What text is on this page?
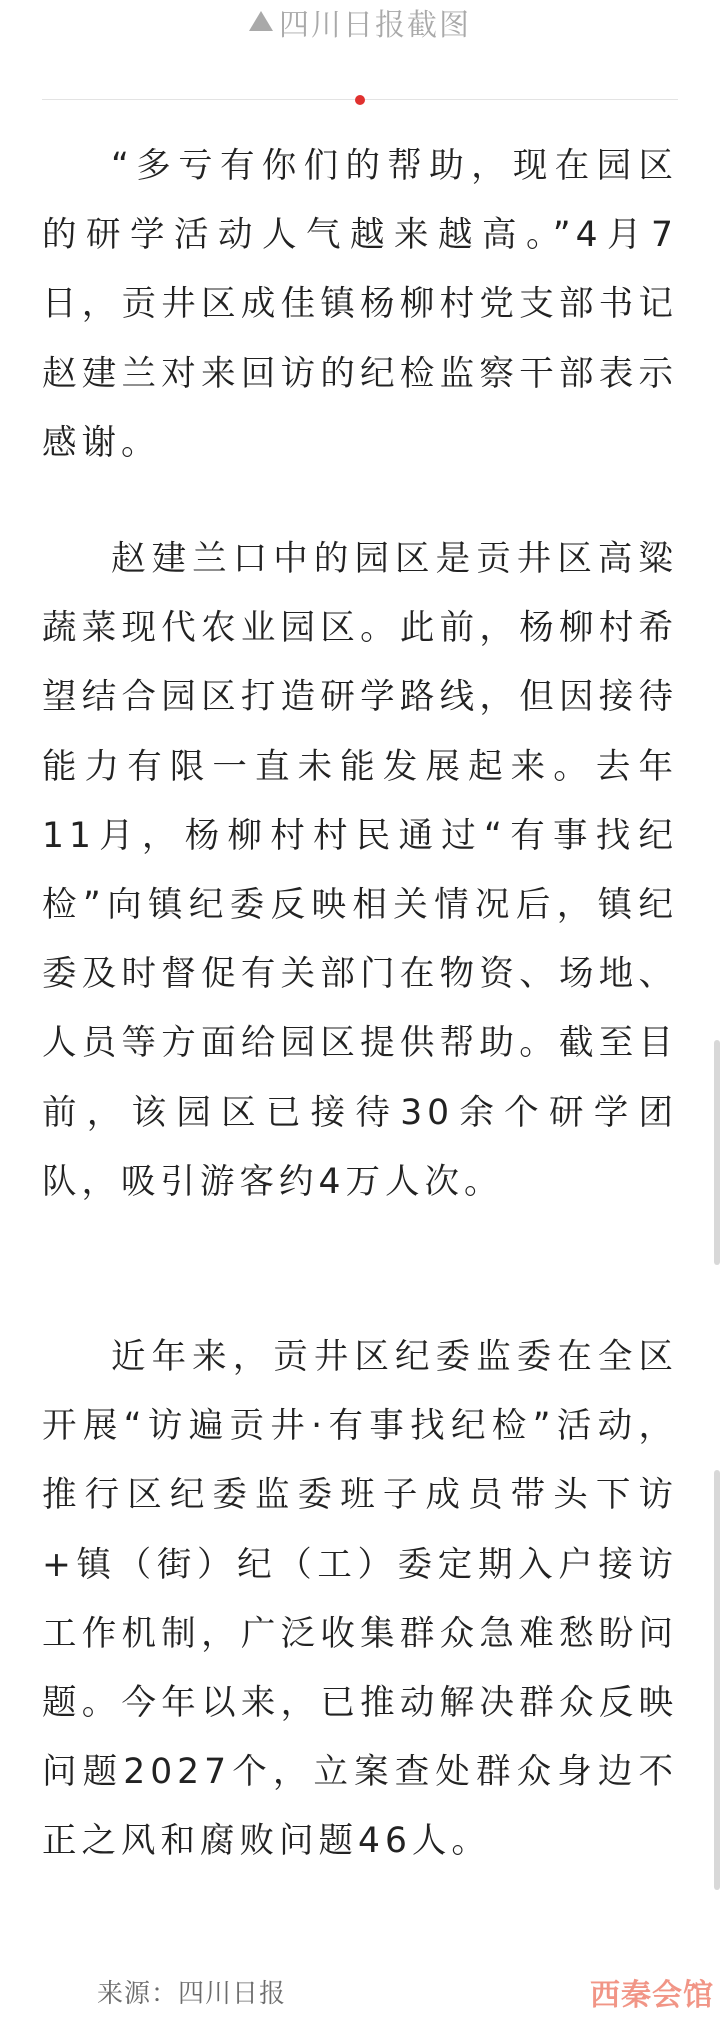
四川日报截图

“多亏有你们的帮助，现在园区的研学活动人气越来越高。”4月7日，贡井区成佳镇杨柳村党支部书记赵建兰对来回访的纪检监察干部表示感谢。

赵建兰口中的园区是贡井区高粱蔬菜现代农业园区。此前，杨柳村希望结合园区打造研学路线，但因接待能力有限一直未能发展起来。去年11月，杨柳村村民通过“有事找纪检”向镇纪委反映相关情况后，镇纪委及时督促有关部门在物资、场地、人员等方面给园区提供帮助。截至目前，该园区已接待30余个研学团队，吸引游客约4万人次。

近年来，贡井区纪委监委在全区开展“访遍贡井·有事找纪检”活动，推行区纪委监委班子成员带头下访+镇（街）纪（工）委定期入户接访工作机制，广泛收集群众急难愁盼问题。今年以来，已推动解决群众反映问题2027个，立案查处群众身边不正之风和腐败问题46人。

来源：四川日报	西秦会馆
